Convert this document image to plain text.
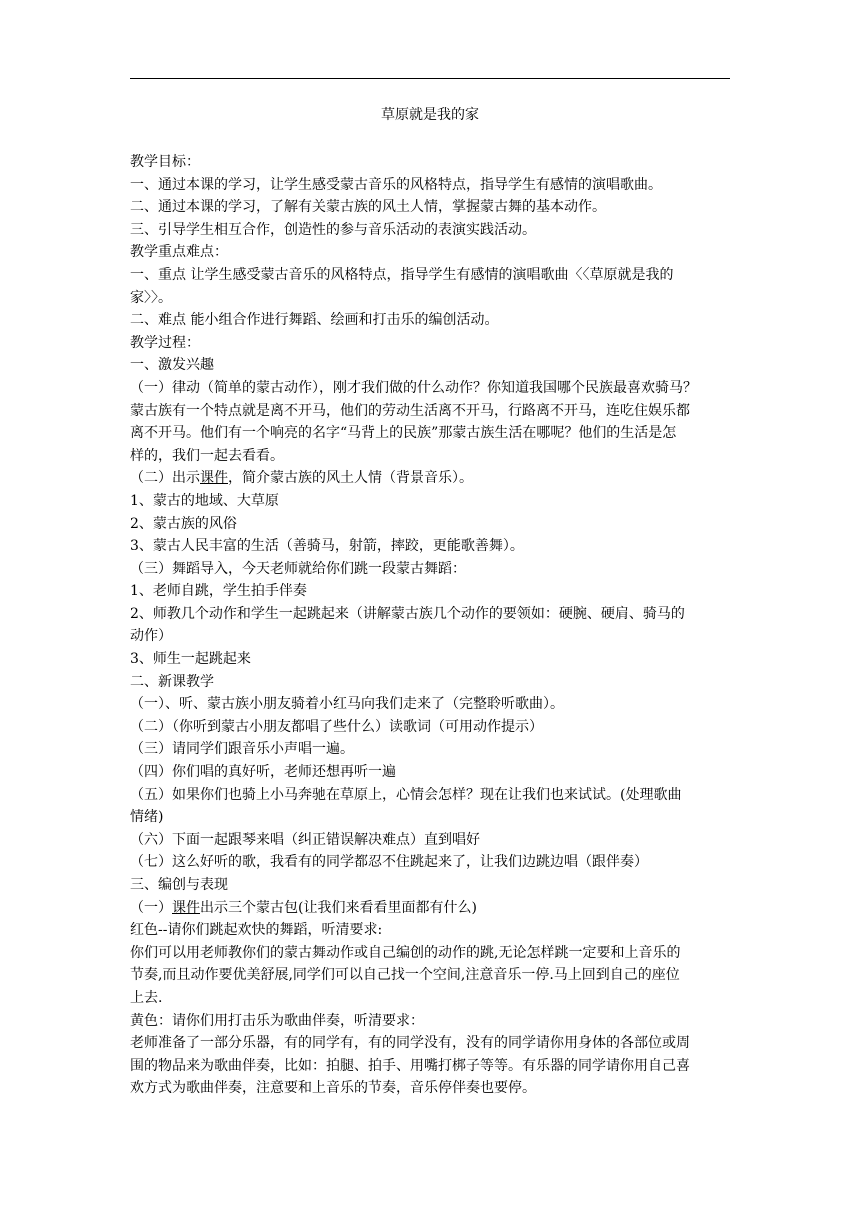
草原就是我的家

教学目标：

一、通过本课的学习，让学生感受蒙古音乐的风格特点，指导学生有感情的演唱歌曲。

二、通过本课的学习，了解有关蒙古族的风土人情，掌握蒙古舞的基本动作。

三、引导学生相互合作，创造性的参与音乐活动的表演实践活动。

教学重点难点：

一、重点 让学生感受蒙古音乐的风格特点，指导学生有感情的演唱歌曲〈〈草原就是我的

家〉〉。

二、难点 能小组合作进行舞蹈、绘画和打击乐的编创活动。

教学过程：

一、激发兴趣

（一）律动（简单的蒙古动作），刚才我们做的什么动作？你知道我国哪个民族最喜欢骑马？

蒙古族有一个特点就是离不开马，他们的劳动生活离不开马，行路离不开马，连吃住娱乐都

离不开马。他们有一个响亮的名字“马背上的民族”那蒙古族生活在哪呢？他们的生活是怎

样的，我们一起去看看。

（二）出示课件，简介蒙古族的风土人情（背景音乐）。

1、蒙古的地域、大草原

2、蒙古族的风俗

3、蒙古人民丰富的生活（善骑马，射箭，摔跤，更能歌善舞）。

（三）舞蹈导入，今天老师就给你们跳一段蒙古舞蹈：

1、老师自跳，学生拍手伴奏

2、师教几个动作和学生一起跳起来（讲解蒙古族几个动作的要领如：硬腕、硬肩、骑马的

动作）

3、师生一起跳起来

二、新课教学

（一）、听、蒙古族小朋友骑着小红马向我们走来了（完整聆听歌曲）。

（二）（你听到蒙古小朋友都唱了些什么）读歌词（可用动作提示）

（三）请同学们跟音乐小声唱一遍。

（四）你们唱的真好听，老师还想再听一遍

（五）如果你们也骑上小马奔驰在草原上，心情会怎样？现在让我们也来试试。(处理歌曲

情绪)

（六）下面一起跟琴来唱（纠正错误解决难点）直到唱好

（七）这么好听的歌，我看有的同学都忍不住跳起来了，让我们边跳边唱（跟伴奏）

三、编创与表现

（一）课件出示三个蒙古包(让我们来看看里面都有什么)

红色--请你们跳起欢快的舞蹈，听清要求:

你们可以用老师教你们的蒙古舞动作或自己编创的动作的跳,无论怎样跳一定要和上音乐的

节奏,而且动作要优美舒展,同学们可以自己找一个空间,注意音乐一停.马上回到自己的座位

上去.

黄色：请你们用打击乐为歌曲伴奏，听清要求：

老师准备了一部分乐器，有的同学有，有的同学没有，没有的同学请你用身体的各部位或周

围的物品来为歌曲伴奏，比如：拍腿、拍手、用嘴打梆子等等。有乐器的同学请你用自己喜

欢方式为歌曲伴奏，注意要和上音乐的节奏，音乐停伴奏也要停。
